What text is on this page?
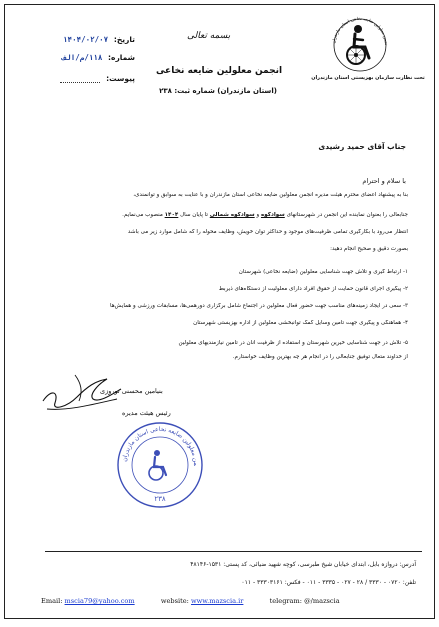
نجمن معلولین ضایعه نخاعی استان مازندران
تحت نظارت سازمان بهزیستی استان مازندران
بسمه تعالی
انجمن معلولین ضایعه نخاعی
(استان مازندران) شماره ثبت: ۲۳۸
تاریخ: ۱۴۰۴/۰۲/۰۷
شماره: ۱۱۸/م/الف
پیوست:
جناب آقای حمید رشیدی
با سلام و احترام
بنا به پیشنهاد اعضای محترم هیئت مدیره انجمن معلولین ضایعه نخاعی استان مازندران و با عنایت به سوابق و توانمندی،
جنابعالی را بعنوان نماینده این انجمن در شهرستانهای سوادکوه و سوادکوه شمالی تا پایان سال ۱۴۰۴ منصوب می‌نمایم.
انتظار می‌رود با بکارگیری تمامی ظرفیت‌های موجود و حداکثر توان خویش، وظایف محوله را که شامل موارد زیر می باشد
بصورت دقیق و صحیح انجام دهید:
۱- ارتباط گیری و تلاش جهت شناسایی معلولین (ضایعه نخاعی) شهرستان
۲- پیگیری اجرای قانون حمایت از حقوق افراد دارای معلولیت از دستگاه‌های ذیربط
۳- سعی در ایجاد زمینه‌های مناسب جهت حضور فعال معلولین در اجتماع شامل برگزاری دورهمی‌ها، مسابقات ورزشی و همایش‌ها
۴- هماهنگی و پیگیری جهت تامین وسایل کمک توانبخشی معلولین از اداره بهزیستی شهرستان
۵- تلاش در جهت شناسایی خیرین شهرستان و استفاده از ظرفیت آنان در تامین نیازمندیهای معلولین
از خداوند متعال توفیق جنابعالی را در انجام هر چه بهترین وظایف خواستارم.
بنیامین محسنی نوروزی
رئیس هیئت مدیره
من معلولین ضایعه نخاعی استان مازندران
۲۳۸
آدرس: دروازه بابل، ابتدای خیابان شیخ طبرسی، کوچه شهید ضیائی، کد پستی: ۱۵۳۱-۴۸۱۴۶
تلفن: ۰۷۲۰ - ۳۳۳۰ / ۲۸ - ۰۲۷ - ۳۳۳۵ - ۰۱۱ - فکس: ۳۳۳۰۳۱۶۱ - ۰۱۱
Email: mscia79@yahoo.com	website: www.mazscia.ir	telegram: @/mazscia
